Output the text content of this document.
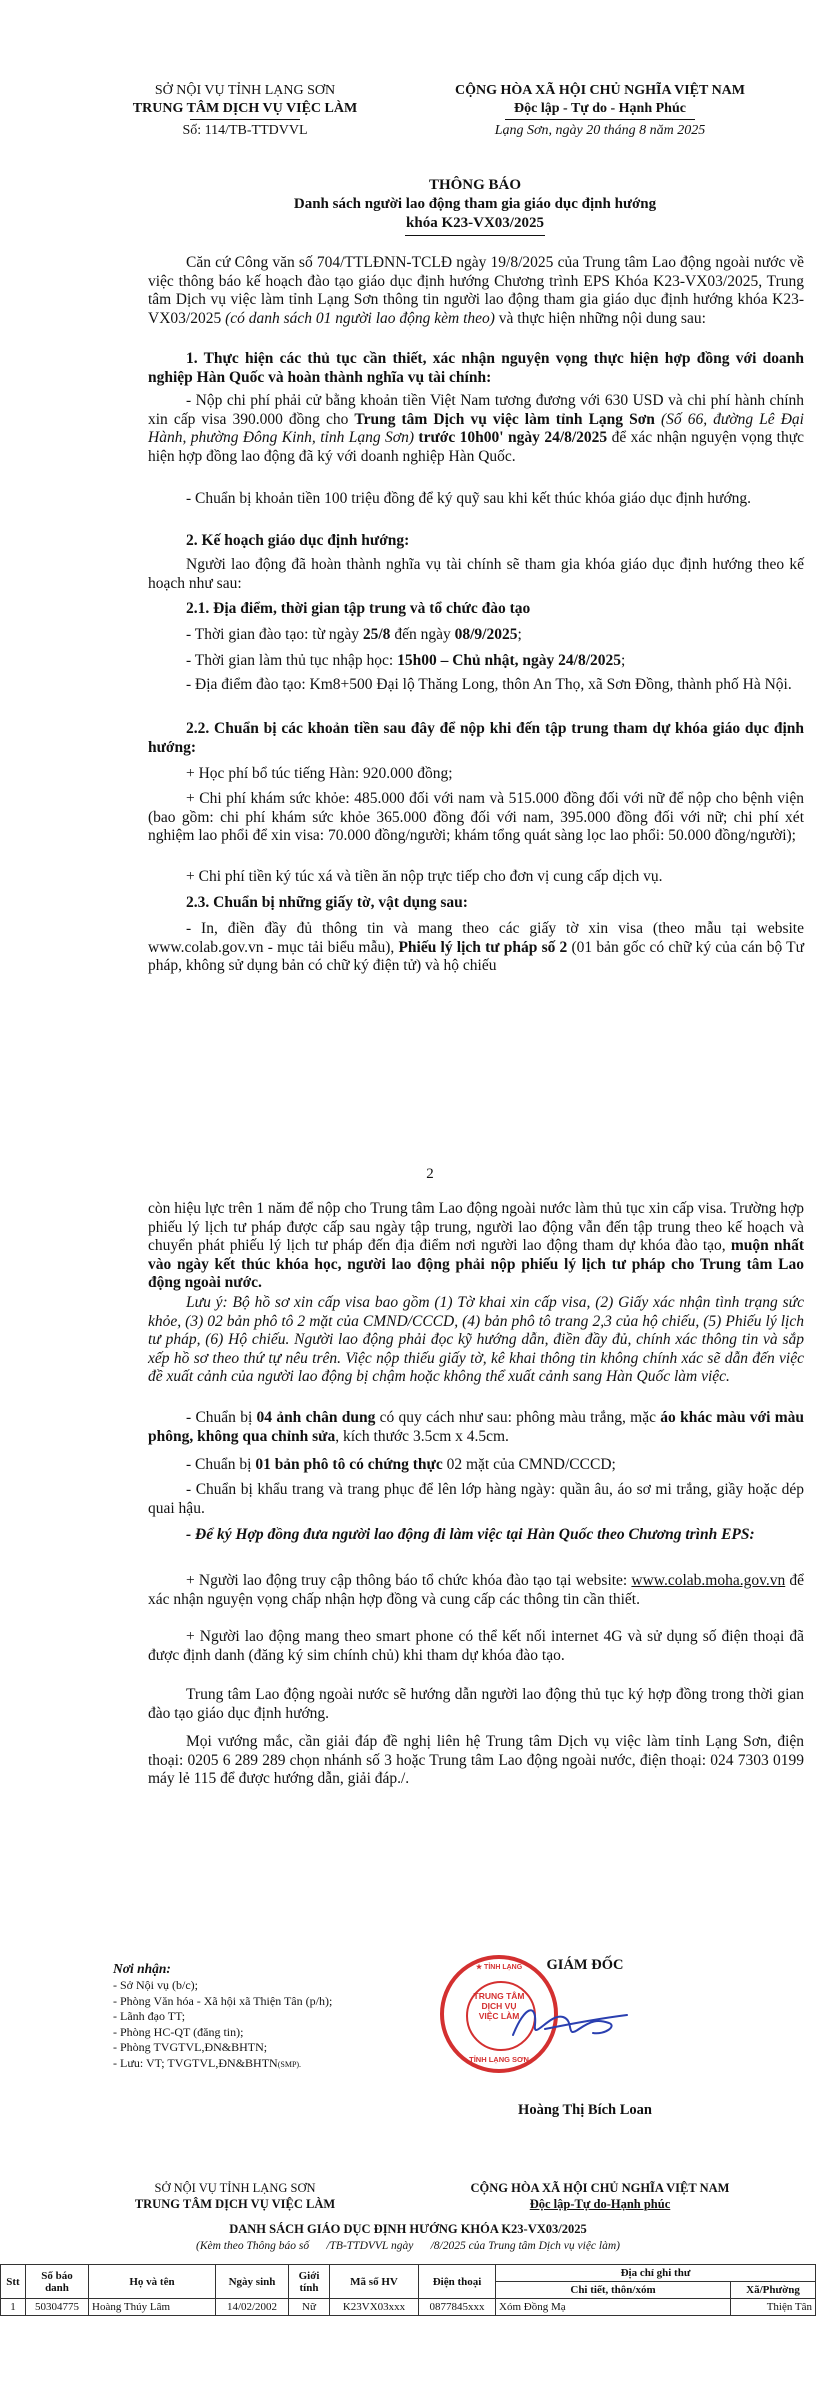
SỞ NỘI VỤ TỈNH LẠNG SƠN
TRUNG TÂM DỊCH VỤ VIỆC LÀM
Số: 114/TB-TTDVVL
CỘNG HÒA XÃ HỘI CHỦ NGHĨA VIỆT NAM
Độc lập - Tự do - Hạnh Phúc
Lạng Sơn, ngày 20 tháng 8 năm 2025
THÔNG BÁO
Danh sách người lao động tham gia giáo dục định hướng
khóa K23-VX03/2025

Căn cứ Công văn số 704/TTLĐNN-TCLĐ ngày 19/8/2025 của Trung tâm Lao động ngoài nước về việc thông báo kế hoạch đào tạo giáo dục định hướng Chương trình EPS Khóa K23-VX03/2025, Trung tâm Dịch vụ việc làm tỉnh Lạng Sơn thông tin người lao động tham gia giáo dục định hướng khóa K23-VX03/2025 (có danh sách 01 người lao động kèm theo) và thực hiện những nội dung sau:

1. Thực hiện các thủ tục cần thiết, xác nhận nguyện vọng thực hiện hợp đồng với doanh nghiệp Hàn Quốc và hoàn thành nghĩa vụ tài chính:

- Nộp chi phí phải cử bằng khoản tiền Việt Nam tương đương với 630 USD và chi phí hành chính xin cấp visa 390.000 đồng cho Trung tâm Dịch vụ việc làm tỉnh Lạng Sơn (Số 66, đường Lê Đại Hành, phường Đông Kinh, tỉnh Lạng Sơn) trước 10h00' ngày 24/8/2025 để xác nhận nguyện vọng thực hiện hợp đồng lao động đã ký với doanh nghiệp Hàn Quốc.

- Chuẩn bị khoản tiền 100 triệu đồng để ký quỹ sau khi kết thúc khóa giáo dục định hướng.

2. Kế hoạch giáo dục định hướng:

Người lao động đã hoàn thành nghĩa vụ tài chính sẽ tham gia khóa giáo dục định hướng theo kế hoạch như sau:

2.1. Địa điểm, thời gian tập trung và tổ chức đào tạo

- Thời gian đào tạo: từ ngày 25/8 đến ngày 08/9/2025;

- Thời gian làm thủ tục nhập học: 15h00 – Chủ nhật, ngày 24/8/2025;

- Địa điểm đào tạo: Km8+500 Đại lộ Thăng Long, thôn An Thọ, xã Sơn Đồng, thành phố Hà Nội.

2.2. Chuẩn bị các khoản tiền sau đây để nộp khi đến tập trung tham dự khóa giáo dục định hướng:

+ Học phí bổ túc tiếng Hàn: 920.000 đồng;

+ Chi phí khám sức khỏe: 485.000 đối với nam và 515.000 đồng đối với nữ để nộp cho bệnh viện (bao gồm: chi phí khám sức khỏe 365.000 đồng đối với nam, 395.000 đồng đối với nữ; chi phí xét nghiệm lao phổi để xin visa: 70.000 đồng/người; khám tổng quát sàng lọc lao phổi: 50.000 đồng/người);

+ Chi phí tiền ký túc xá và tiền ăn nộp trực tiếp cho đơn vị cung cấp dịch vụ.

2.3. Chuẩn bị những giấy tờ, vật dụng sau:

- In, điền đầy đủ thông tin và mang theo các giấy tờ xin visa (theo mẫu tại website www.colab.gov.vn - mục tải biểu mẫu), Phiếu lý lịch tư pháp số 2 (01 bản gốc có chữ ký của cán bộ Tư pháp, không sử dụng bản có chữ ký điện tử) và hộ chiếu

2

còn hiệu lực trên 1 năm để nộp cho Trung tâm Lao động ngoài nước làm thủ tục xin cấp visa. Trường hợp phiếu lý lịch tư pháp được cấp sau ngày tập trung, người lao động vẫn đến tập trung theo kế hoạch và chuyển phát phiếu lý lịch tư pháp đến địa điểm nơi người lao động tham dự khóa đào tạo, muộn nhất vào ngày kết thúc khóa học, người lao động phải nộp phiếu lý lịch tư pháp cho Trung tâm Lao động ngoài nước.

Lưu ý: Bộ hồ sơ xin cấp visa bao gồm (1) Tờ khai xin cấp visa, (2) Giấy xác nhận tình trạng sức khỏe, (3) 02 bản phô tô 2 mặt của CMND/CCCD, (4) bản phô tô trang 2,3 của hộ chiếu, (5) Phiếu lý lịch tư pháp, (6) Hộ chiếu. Người lao động phải đọc kỹ hướng dẫn, điền đầy đủ, chính xác thông tin và sắp xếp hồ sơ theo thứ tự nêu trên. Việc nộp thiếu giấy tờ, kê khai thông tin không chính xác sẽ dẫn đến việc đề xuất cảnh của người lao động bị chậm hoặc không thể xuất cảnh sang Hàn Quốc làm việc.

- Chuẩn bị 04 ảnh chân dung có quy cách như sau: phông màu trắng, mặc áo khác màu với màu phông, không qua chỉnh sửa, kích thước 3.5cm x 4.5cm.

- Chuẩn bị 01 bản phô tô có chứng thực 02 mặt của CMND/CCCD;

- Chuẩn bị khẩu trang và trang phục để lên lớp hàng ngày: quần âu, áo sơ mi trắng, giầy hoặc dép quai hậu.

- Để ký Hợp đồng đưa người lao động đi làm việc tại Hàn Quốc theo Chương trình EPS:

+ Người lao động truy cập thông báo tổ chức khóa đào tạo tại website: www.colab.moha.gov.vn để xác nhận nguyện vọng chấp nhận hợp đồng và cung cấp các thông tin cần thiết.

+ Người lao động mang theo smart phone có thể kết nối internet 4G và sử dụng số điện thoại đã được định danh (đăng ký sim chính chủ) khi tham dự khóa đào tạo.

Trung tâm Lao động ngoài nước sẽ hướng dẫn người lao động thủ tục ký hợp đồng trong thời gian đào tạo giáo dục định hướng.

Mọi vướng mắc, cần giải đáp đề nghị liên hệ Trung tâm Dịch vụ việc làm tỉnh Lạng Sơn, điện thoại: 0205 6 289 289 chọn nhánh số 3 hoặc Trung tâm Lao động ngoài nước, điện thoại: 024 7303 0199 máy lẻ 115 để được hướng dẫn, giải đáp./.

Nơi nhận:

- Sở Nội vụ (b/c);

- Phòng Văn hóa - Xã hội xã Thiện Tân (p/h);

- Lãnh đạo TT;

- Phòng HC-QT (đăng tin);

- Phòng TVGTVL,ĐN&BHTN;

- Lưu: VT; TVGTVL,ĐN&BHTN(SMP).

GIÁM ĐỐC
★ TỈNH LẠNG
TRUNG TÂM
DỊCH VỤ
VIỆC LÀM
TỈNH LẠNG SƠN
Hoàng Thị Bích Loan
SỞ NỘI VỤ TỈNH LẠNG SƠN
TRUNG TÂM DỊCH VỤ VIỆC LÀM
CỘNG HÒA XÃ HỘI CHỦ NGHĨA VIỆT NAM
Độc lập-Tự do-Hạnh phúc
DANH SÁCH GIÁO DỤC ĐỊNH HƯỚNG KHÓA K23-VX03/2025
(Kèm theo Thông báo số      /TB-TTDVVL ngày      /8/2025 của Trung tâm Dịch vụ việc làm)
Stt	Số báo danh	Họ và tên	Ngày sinh	Giới tính	Mã số HV	Điện thoại	Địa chỉ ghi thư	
							Chi tiết, thôn/xóm	Xã/Phường
1	50304775	Hoàng Thúy Lâm	14/02/2002	Nữ	K23VX03xxx	0877845xxx	Xóm Đồng Mạ	Thiện Tân
